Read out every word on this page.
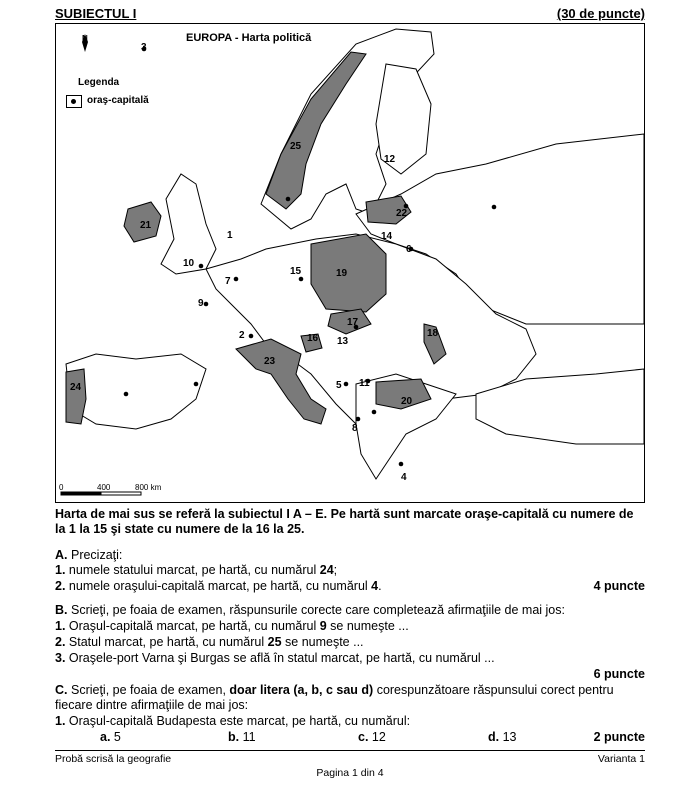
SUBIECTUL I	(30 de puncte)
EUROPA - Harta politică
N
Legenda
oraş-capitală
0	400	800 km
1
2
3
4
5
6
7
8
9
10
11
12
13
14
15
16
17
18
19
20
21
22
23
24
25
Harta de mai sus se referă la subiectul I A – E. Pe hartă sunt marcate oraşe-capitală cu numere de la 1 la 15 şi state cu numere de la 16 la 25.
A. Precizaţi:
1. numele statului marcat, pe hartă, cu numărul 24;
2. numele oraşului-capitală marcat, pe hartă, cu numărul 4.	4 puncte
B. Scrieţi, pe foaia de examen, răspunsurile corecte care completează afirmaţiile de mai jos:
1. Oraşul-capitală marcat, pe hartă, cu numărul 9 se numeşte ...
2. Statul marcat, pe hartă, cu numărul 25 se numeşte ...
3. Oraşele-port Varna şi Burgas se află în statul marcat, pe hartă, cu numărul ...
6 puncte
C. Scrieţi, pe foaia de examen, doar litera (a, b, c sau d) corespunzătoare răspunsului corect pentru fiecare dintre afirmaţiile de mai jos:
1. Oraşul-capitală Budapesta este marcat, pe hartă, cu numărul:
a. 5	b. 11	c. 12	d. 13	2 puncte
Probă scrisă la geografie	Varianta 1
Pagina 1 din 4
